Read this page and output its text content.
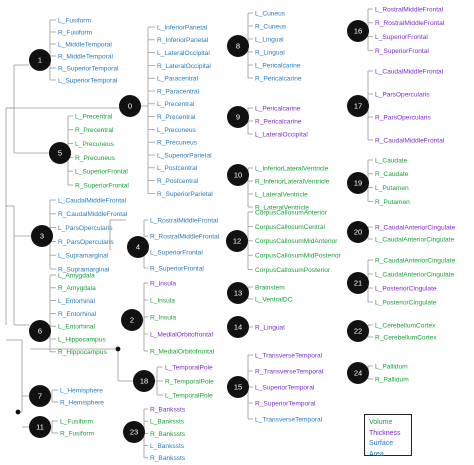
L_Fusiform
R_Fusiform
L_MiddleTemporal
R_MiddleTemporal
R_SuperiorTemporal
L_SuperiorTemporal
1
L_Precentral
R_Precentral
L_Precuneus
R_Precuneus
L_SuperiorFrontal
R_SuperiorFrontal
5
L_CaudalMiddleFrontal
R_CaudalMiddleFrontal
L_ParsOpercularis
R_ParsOpercularis
L_Supramarginal
R_Supramarginal
3
L_Amygdala
R_Amygdala
L_Entorhinal
R_Entorhinal
L_Entorhinal
L_Hippocampus
R_Hippocampus
6
L_Hemisphere
R_Hemisphere
7
L_Fusiform
R_Fusiform
11
L_InferiorParietal
R_InferiorParietal
L_LateralOccipital
R_LateralOccipital
L_Paracentral
R_Paracentral
L_Precentral
R_Precentral
L_Precuneus
R_Precuneus
L_SuperiorParietal
L_Postcentral
R_Postcentral
R_SuperiorParietal
0
L_RostralMiddleFrontal
R_RostralMiddleFrontal
L_SuperiorFrontal
R_SuperiorFrontal
4
R_Insula
L_Insula
R_Insula
L_MedialOrbitofrontal
R_MedialOrbitofrontal
2
L_TemporalPole
R_TemporalPole
L_TemporalPole
18
R_Bankssts
L_Bankssts
R_Bankssts
L_Bankssts
R_Bankssts
23
L_Cuneus
R_Cuneus
L_Lingual
R_Lingual
L_Pericalcarine
R_Pericalcarine
8
L_Pericalcarine
R_Pericalcarine
L_LateralOccipital
9
L_InferiorLateralVentricle
R_InferiorLateralVentricle
L_LateralVentricle
R_LateralVentricle
10
CorpusCallosumAnterior
CorpusCallosumCentral
CorpusCallosumMidAnterior
CorpusCallosumMidPosterior
CorpusCallosumPosterior
12
Brainstem
L_VentralDC
13
R_Lingual
14
L_TransverseTemporal
R_TransverseTemporal
L_SuperiorTemporal
R_SuperiorTemporal
L_TransverseTemporal
15
L_RostralMiddleFrontal
R_RostralMiddleFrontal
L_SuperiorFrontal
R_SuperiorFrontal
16
L_CaudalMiddleFrontal
L_ParsOpercularis
R_ParsOpercularis
R_CaudalMiddleFrontal
17
L_Caudate
R_Caudate
L_Putamen
R_Putamen
19
R_CaudalAnteriorCingulate
L_CaudalAnteriorCingulate
20
R_CaudalAnteriorCingulate
L_CaudalAnteriorCingulate
L_PosteriorCingulate
L_PosteriorCingulate
21
L_CerebellumCortex
R_CerebellumCortex
22
L_Pallidum
R_Pallidum
24
Volume
Thickness
Surface Area
